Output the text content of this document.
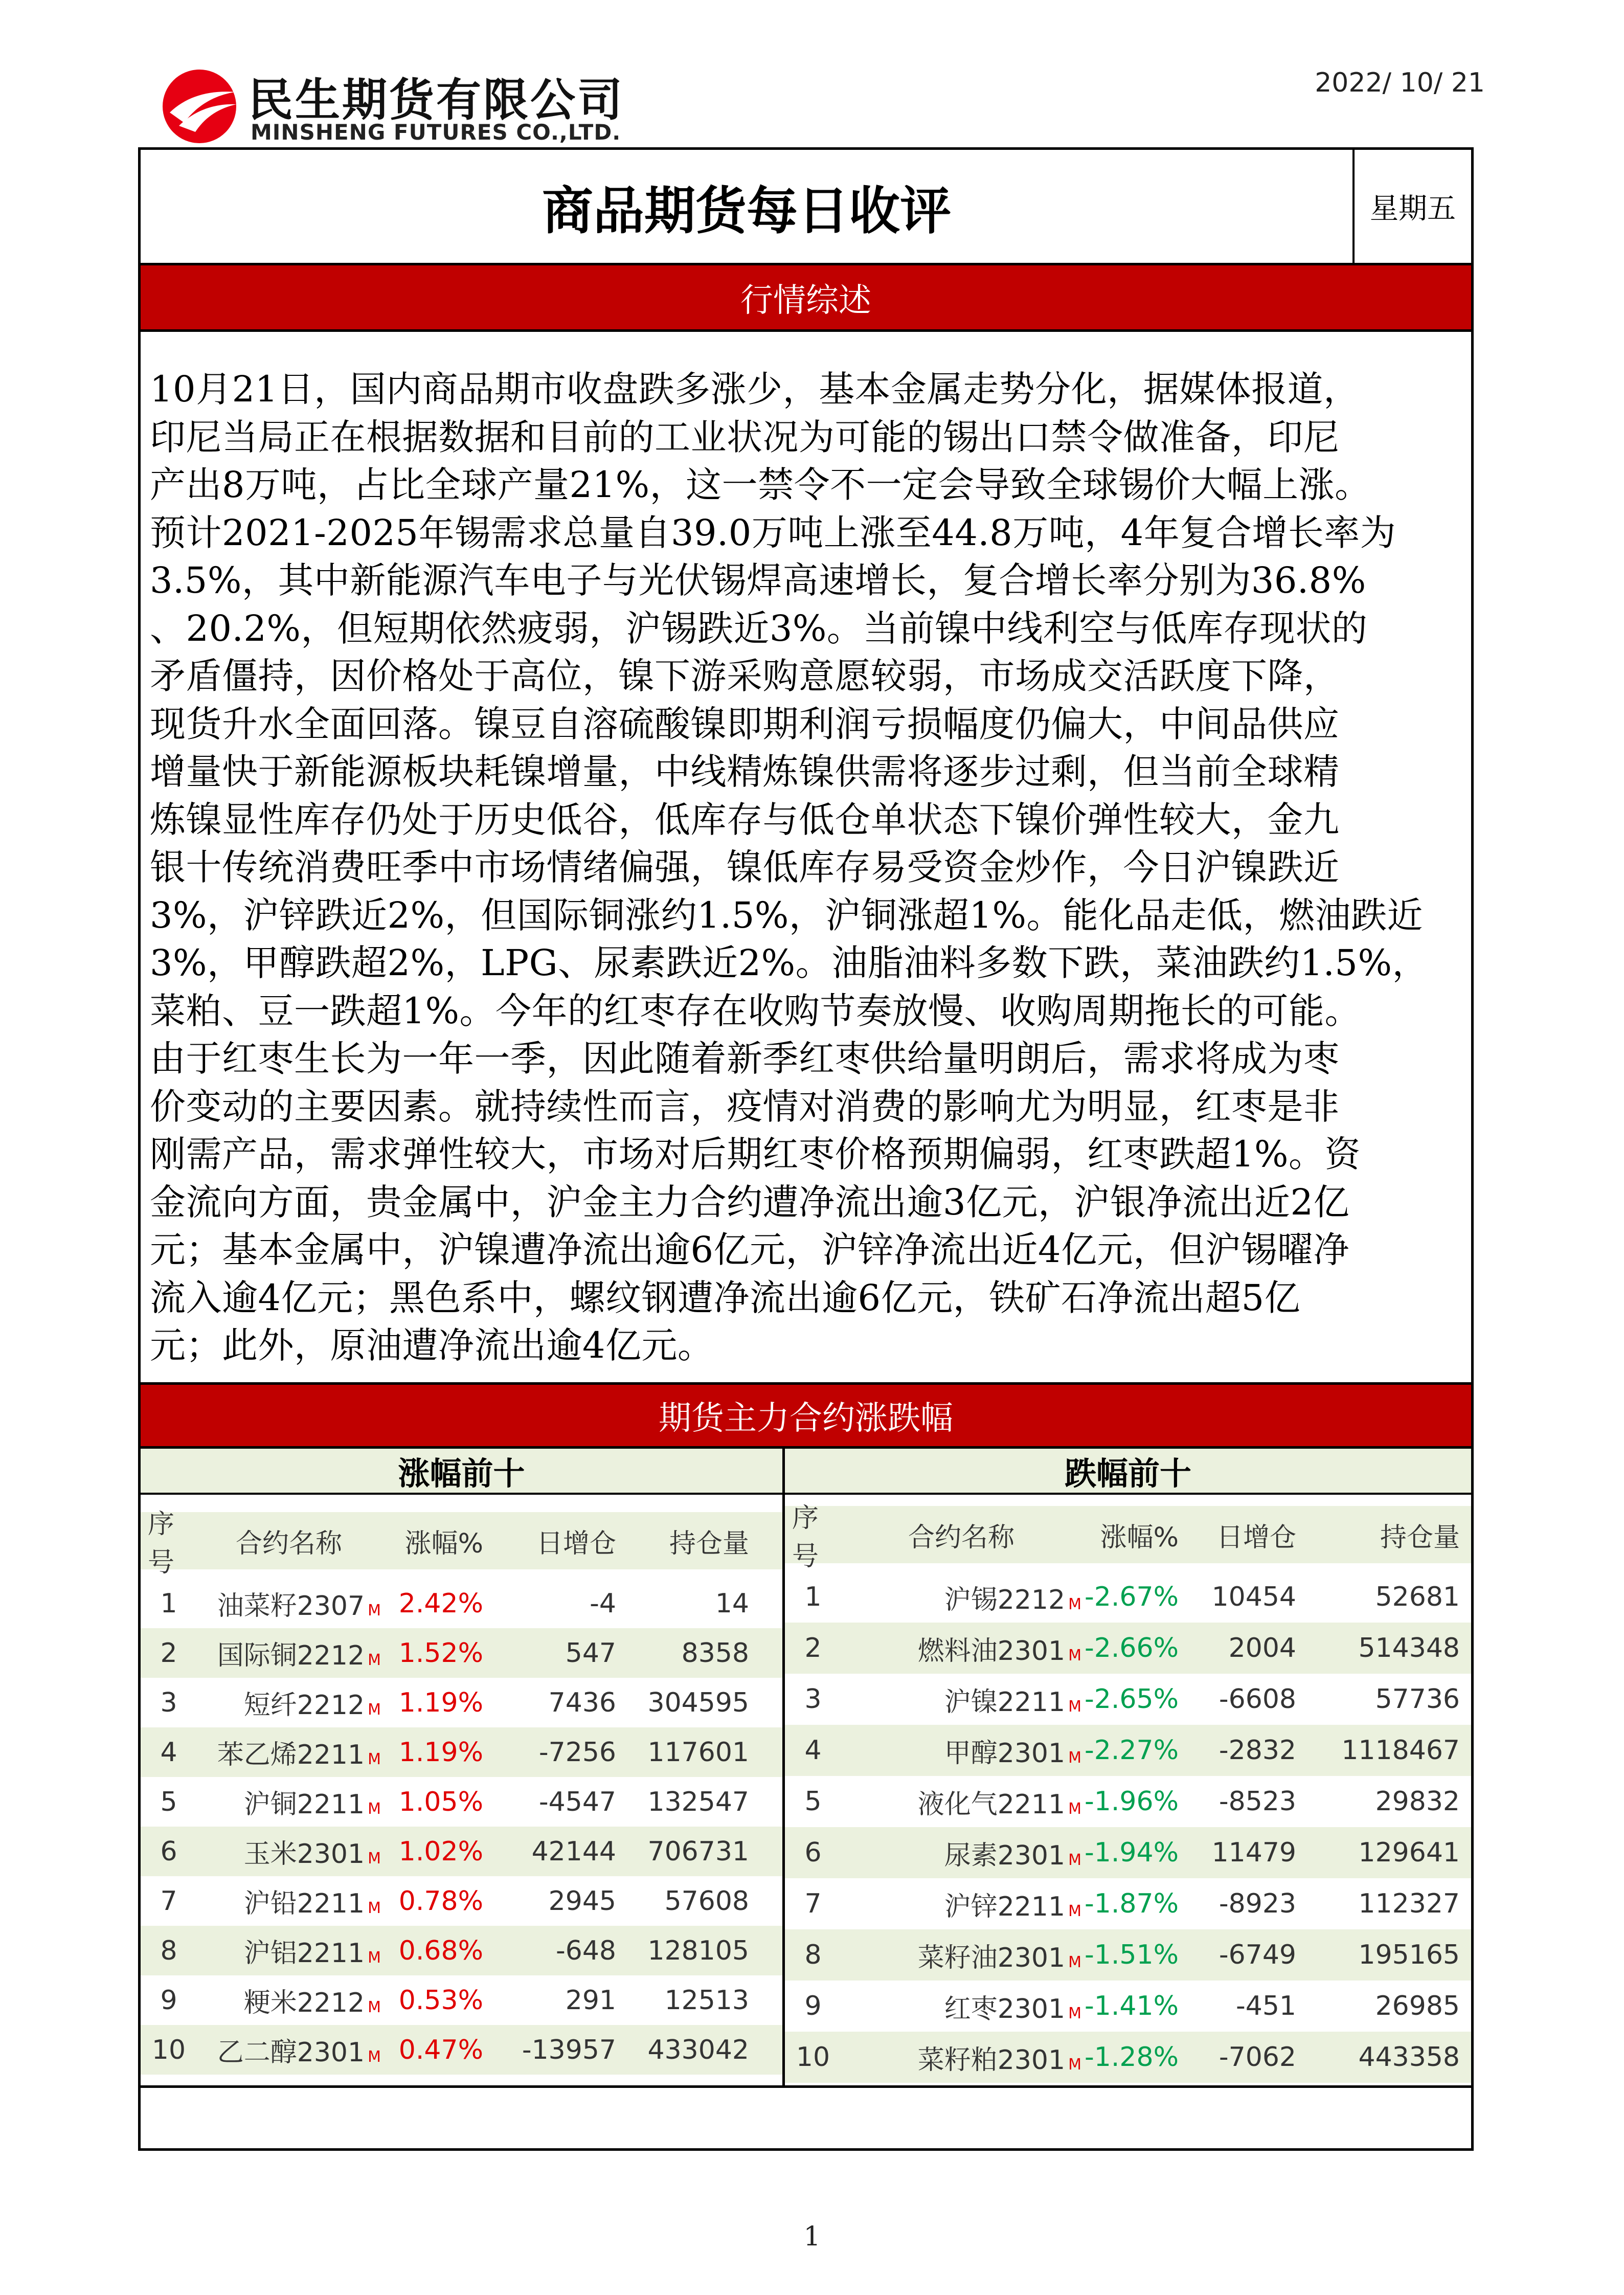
民生期货有限公司
MINSHENG FUTURES CO.,LTD.
2022/ 10/ 21
商品期货每日收评	星期五
行情综述
10月21日，国内商品期市收盘跌多涨少，基本金属走势分化，据媒体报道，
印尼当局正在根据数据和目前的工业状况为可能的锡出口禁令做准备，印尼
产出8万吨，占比全球产量21%，这一禁令不一定会导致全球锡价大幅上涨。
预计2021-2025年锡需求总量自39.0万吨上涨至44.8万吨，4年复合增长率为
3.5%，其中新能源汽车电子与光伏锡焊高速增长，复合增长率分别为36.8%
、20.2%，但短期依然疲弱，沪锡跌近3%。当前镍中线利空与低库存现状的
矛盾僵持，因价格处于高位，镍下游采购意愿较弱，市场成交活跃度下降，
现货升水全面回落。镍豆自溶硫酸镍即期利润亏损幅度仍偏大，中间品供应
增量快于新能源板块耗镍增量，中线精炼镍供需将逐步过剩，但当前全球精
炼镍显性库存仍处于历史低谷，低库存与低仓单状态下镍价弹性较大，金九
银十传统消费旺季中市场情绪偏强，镍低库存易受资金炒作，今日沪镍跌近
3%，沪锌跌近2%，但国际铜涨约1.5%，沪铜涨超1%。能化品走低，燃油跌近
3%，甲醇跌超2%，LPG、尿素跌近2%。油脂油料多数下跌，菜油跌约1.5%，
菜粕、豆一跌超1%。今年的红枣存在收购节奏放慢、收购周期拖长的可能。
由于红枣生长为一年一季，因此随着新季红枣供给量明朗后，需求将成为枣
价变动的主要因素。就持续性而言，疫情对消费的影响尤为明显，红枣是非
刚需产品，需求弹性较大，市场对后期红枣价格预期偏弱，红枣跌超1%。资
金流向方面，贵金属中，沪金主力合约遭净流出逾3亿元，沪银净流出近2亿
元；基本金属中，沪镍遭净流出逾6亿元，沪锌净流出近4亿元，但沪锡曜净
流入逾4亿元；黑色系中，螺纹钢遭净流出逾6亿元，铁矿石净流出超5亿
元；此外，原油遭净流出逾4亿元。
期货主力合约涨跌幅
涨幅前十
序号
合约名称	涨幅%	日增仓	持仓量
1	油菜籽2307 M 2.42%	-4	14
2	国际铜2212 M 1.52%	547	8358
3	短纤2212 M 1.19%	7436	304595
4	苯乙烯2211 M 1.19%	-7256	117601
5	沪铜2211 M 1.05%	-4547	132547
6	玉米2301 M 1.02%	42144	706731
7	沪铅2211 M 0.78%	2945	57608
8	沪铝2211 M 0.68%	-648	128105
9	粳米2212 M 0.53%	291	12513
10	乙二醇2301 M 0.47%	-13957	433042
跌幅前十
序号
合约名称	涨幅%	日增仓	持仓量
1	沪锡2212 M -2.67%	10454	52681
2	燃料油2301 M -2.66%	2004	514348
3	沪镍2211 M -2.65%	-6608	57736
4	甲醇2301 M -2.27%	-2832	1118467
5	液化气2211 M -1.96%	-8523	29832
6	尿素2301 M -1.94%	11479	129641
7	沪锌2211 M -1.87%	-8923	112327
8	菜籽油2301 M -1.51%	-6749	195165
9	红枣2301 M -1.41%	-451	26985
10	菜籽粕2301 M -1.28%	-7062	443358
1
